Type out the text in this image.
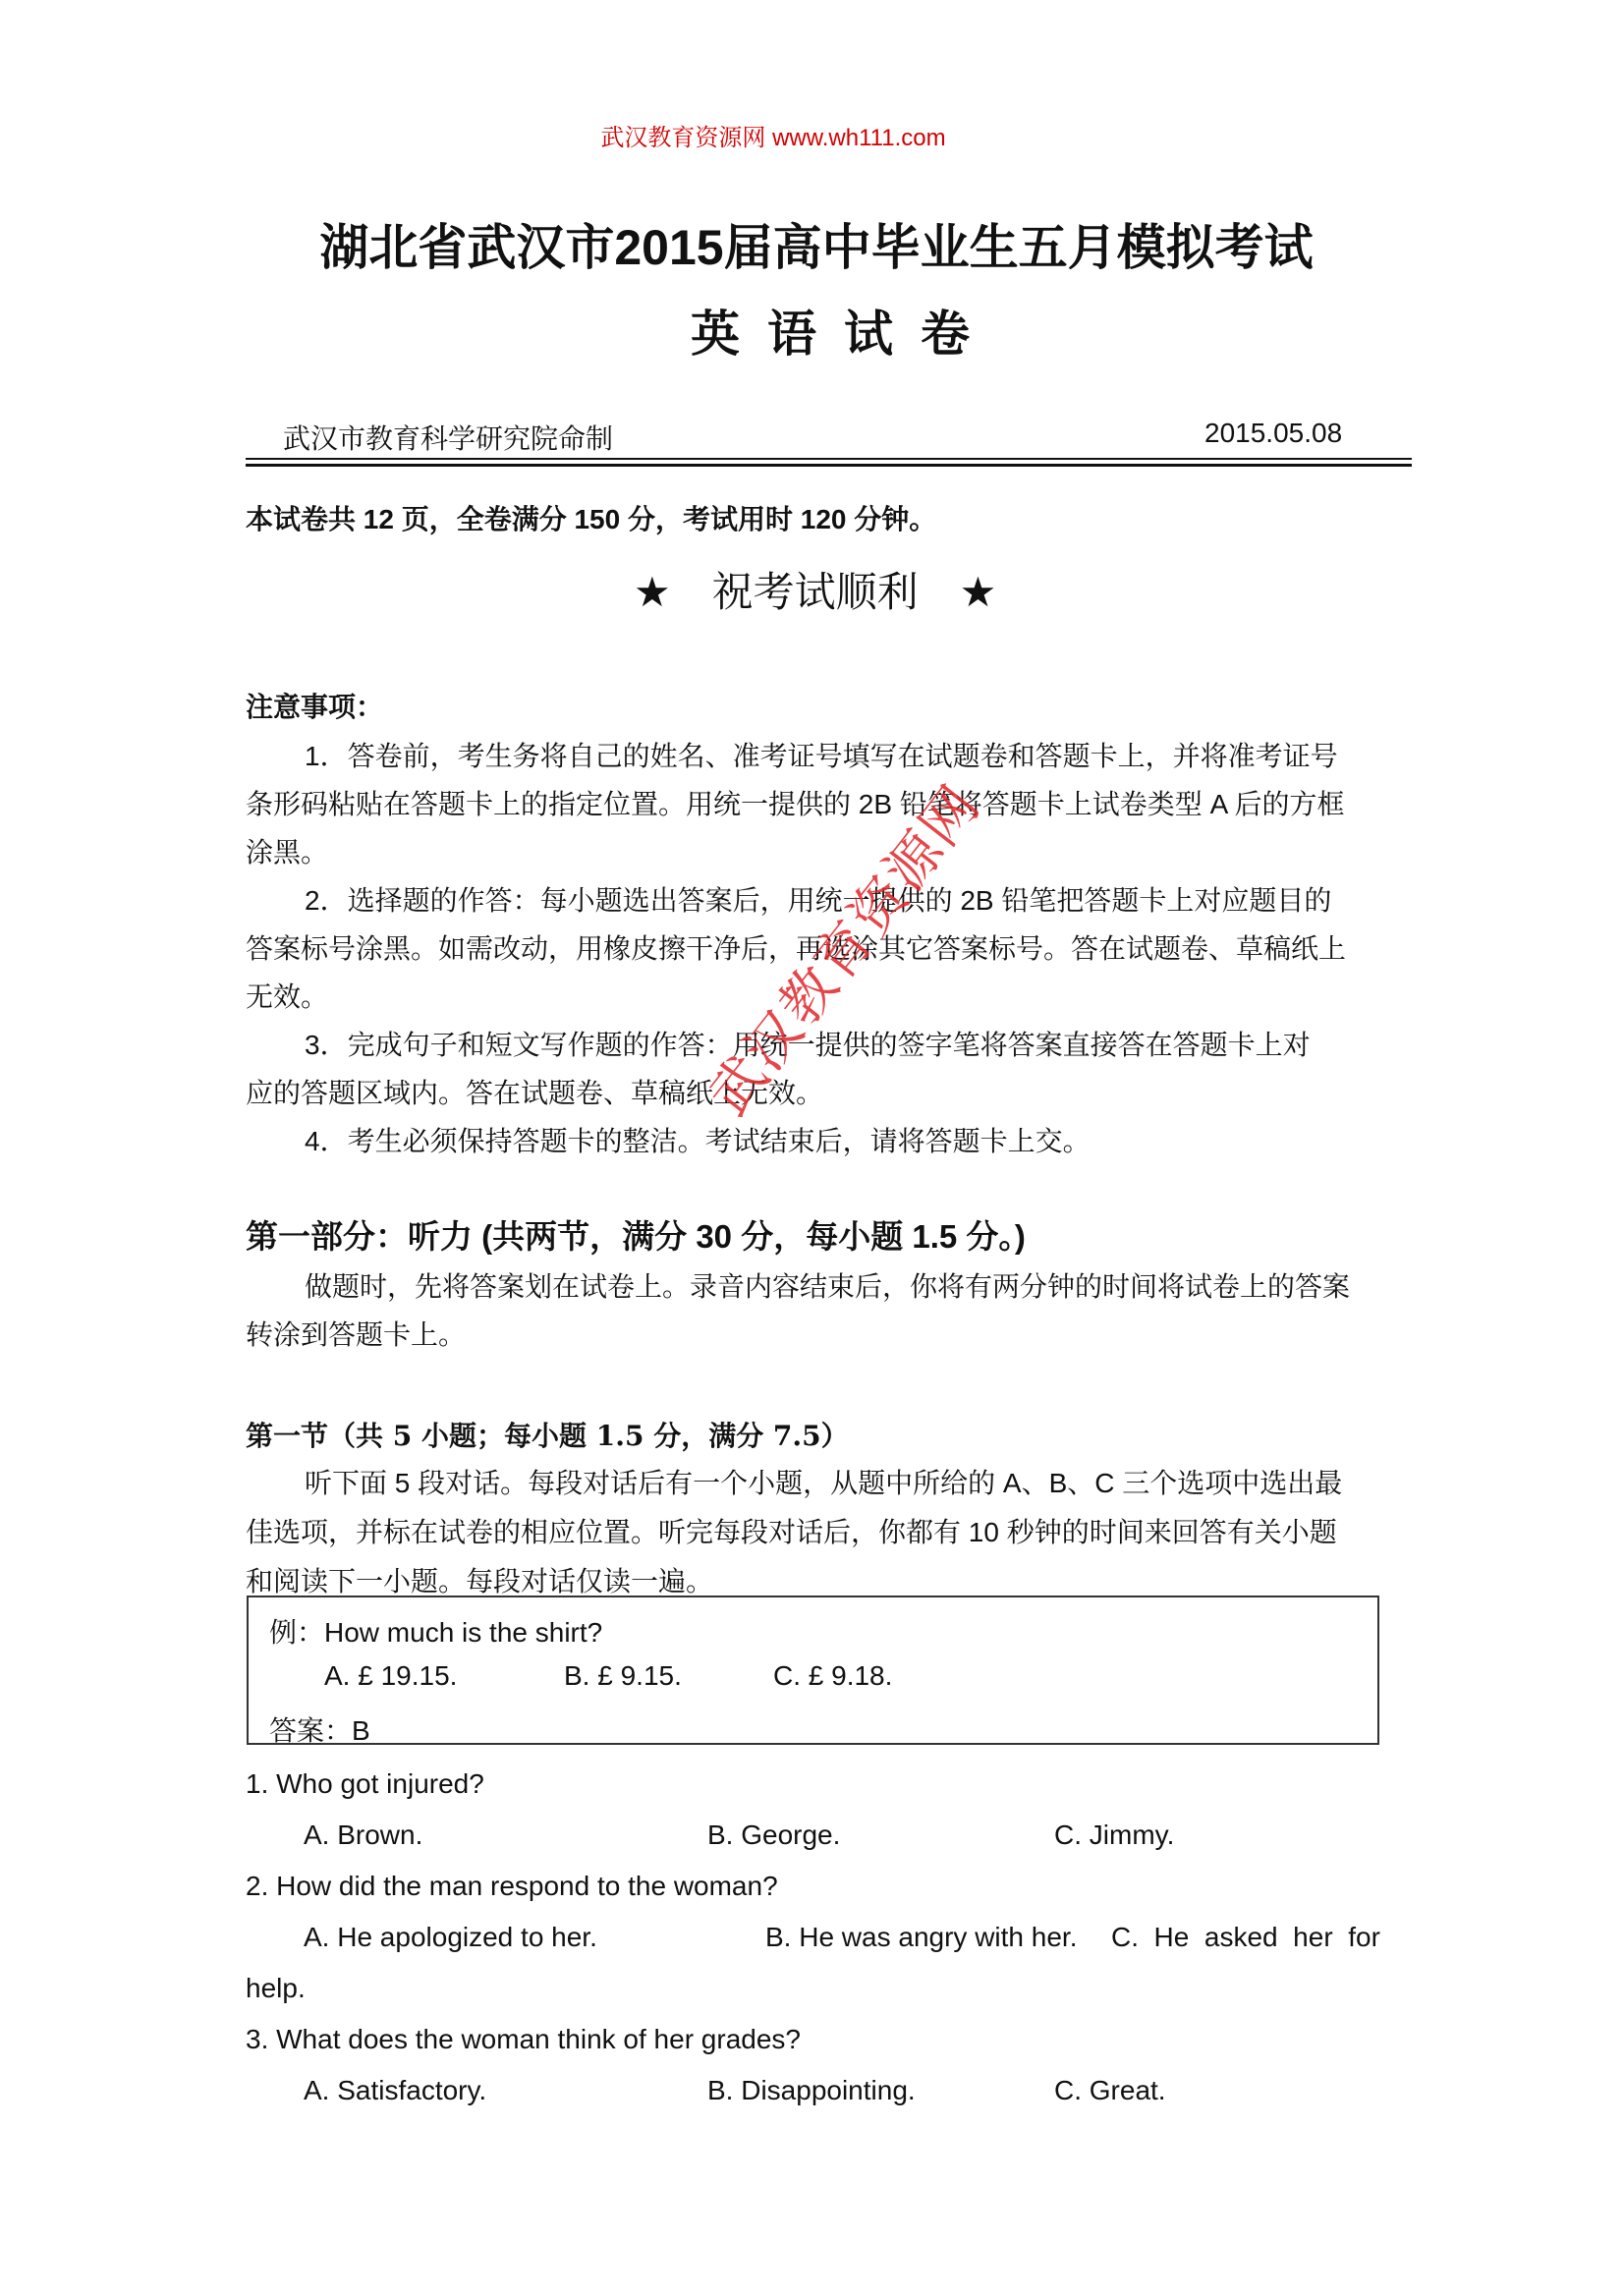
武汉教育资源网 www.wh111.com
湖北省武汉市2015届高中毕业生五月模拟考试
英语试卷
武汉市教育科学研究院命制	2015.05.08
本试卷共 12 页，全卷满分 150 分，考试用时 120 分钟。
★ 祝考试顺利 ★
注意事项：
1．答卷前，考生务将自己的姓名、准考证号填写在试题卷和答题卡上，并将准考证号
条形码粘贴在答题卡上的指定位置。用统一提供的 2B 铅笔将答题卡上试卷类型 A 后的方框
涂黑。
2．选择题的作答：每小题选出答案后，用统一提供的 2B 铅笔把答题卡上对应题目的
答案标号涂黑。如需改动，用橡皮擦干净后，再选涂其它答案标号。答在试题卷、草稿纸上
无效。
3．完成句子和短文写作题的作答：用统一提供的签字笔将答案直接答在答题卡上对
应的答题区域内。答在试题卷、草稿纸上无效。
4．考生必须保持答题卡的整洁。考试结束后，请将答题卡上交。
第一部分：听力 (共两节，满分 30 分，每小题 1.5 分。)
做题时，先将答案划在试卷上。录音内容结束后，你将有两分钟的时间将试卷上的答案
转涂到答题卡上。
第一节（共 5 小题；每小题 1.5 分，满分 7.5）
听下面 5 段对话。每段对话后有一个小题，从题中所给的 A、B、C 三个选项中选出最
佳选项，并标在试卷的相应位置。听完每段对话后，你都有 10 秒钟的时间来回答有关小题
和阅读下一小题。每段对话仅读一遍。
例：How much is the shirt?
A. £ 19.15.	B. £ 9.15.	C. £ 9.18.
答案：B
1. Who got injured?
A. Brown.	B. George.	C. Jimmy.
2. How did the man respond to the woman?
A. He apologized to her.	B. He was angry with her. C.  He  asked  her  for
help.
3. What does the woman think of her grades?
A. Satisfactory.	B. Disappointing.	C. Great.
武汉教育资源网
